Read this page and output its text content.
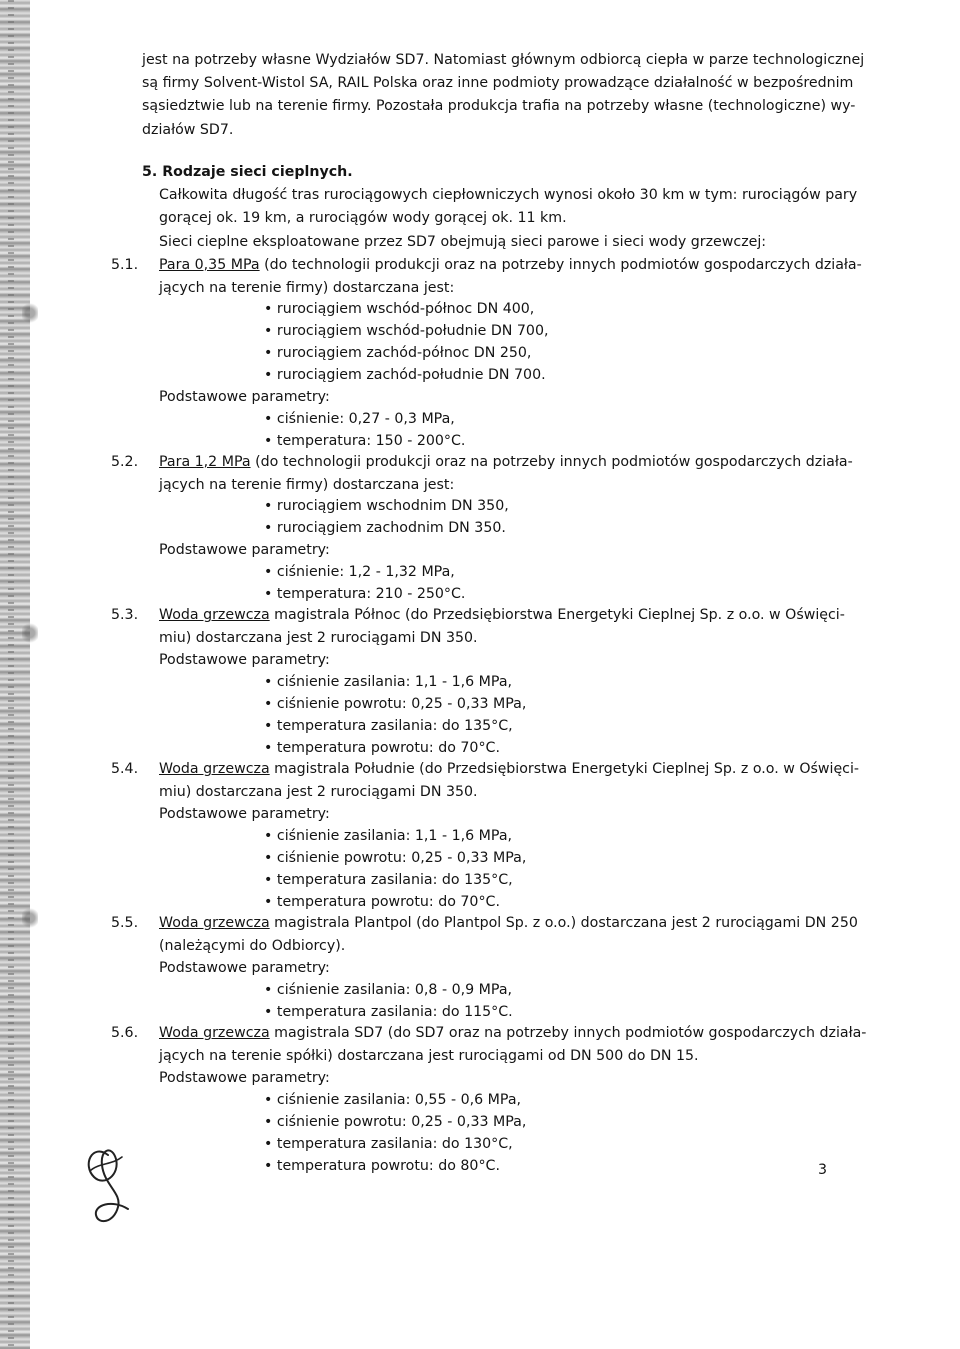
jest na potrzeby własne Wydziałów SD7. Natomiast głównym odbiorcą ciepła w parze technologicznej
są firmy Solvent-Wistol SA, RAIL Polska oraz inne podmioty prowadzące działalność w bezpośrednim
sąsiedztwie lub na terenie firmy. Pozostała produkcja trafia na potrzeby własne (technologiczne) wy-
działów SD7.
5. Rodzaje sieci cieplnych.
Całkowita długość tras rurociągowych ciepłowniczych wynosi około 30 km w tym: rurociągów pary
gorącej ok. 19 km, a rurociągów wody gorącej ok. 11 km.
Sieci cieplne eksploatowane przez SD7 obejmują sieci parowe i sieci wody grzewczej:
5.1. Para 0,35 MPa (do technologii produkcji oraz na potrzeby innych podmiotów gospodarczych działa-
jących na terenie firmy) dostarczana jest:
• rurociągiem wschód-północ DN 400,
• rurociągiem wschód-południe DN 700,
• rurociągiem zachód-północ DN 250,
• rurociągiem zachód-południe DN 700.
Podstawowe parametry:
• ciśnienie: 0,27 - 0,3 MPa,
• temperatura: 150 - 200°C.
5.2. Para 1,2 MPa (do technologii produkcji oraz na potrzeby innych podmiotów gospodarczych działa-
jących na terenie firmy) dostarczana jest:
• rurociągiem wschodnim DN 350,
• rurociągiem zachodnim DN 350.
Podstawowe parametry:
• ciśnienie: 1,2 - 1,32 MPa,
• temperatura: 210 - 250°C.
5.3. Woda grzewcza magistrala Północ (do Przedsiębiorstwa Energetyki Cieplnej Sp. z o.o. w Oświęci-
miu) dostarczana jest 2 rurociągami DN 350.
Podstawowe parametry:
• ciśnienie zasilania: 1,1 - 1,6 MPa,
• ciśnienie powrotu: 0,25 - 0,33 MPa,
• temperatura zasilania: do 135°C,
• temperatura powrotu: do 70°C.
5.4. Woda grzewcza magistrala Południe (do Przedsiębiorstwa Energetyki Cieplnej Sp. z o.o. w Oświęci-
miu) dostarczana jest 2 rurociągami DN 350.
Podstawowe parametry:
• ciśnienie zasilania: 1,1 - 1,6 MPa,
• ciśnienie powrotu: 0,25 - 0,33 MPa,
• temperatura zasilania: do 135°C,
• temperatura powrotu: do 70°C.
5.5. Woda grzewcza magistrala Plantpol (do Plantpol Sp. z o.o.) dostarczana jest 2 rurociągami DN 250
(należącymi do Odbiorcy).
Podstawowe parametry:
• ciśnienie zasilania: 0,8 - 0,9 MPa,
• temperatura zasilania: do 115°C.
5.6. Woda grzewcza magistrala SD7 (do SD7 oraz na potrzeby innych podmiotów gospodarczych działa-
jących na terenie spółki) dostarczana jest rurociągami od DN 500 do DN 15.
Podstawowe parametry:
• ciśnienie zasilania: 0,55 - 0,6 MPa,
• ciśnienie powrotu: 0,25 - 0,33 MPa,
• temperatura zasilania: do 130°C,
• temperatura powrotu: do 80°C.	3
